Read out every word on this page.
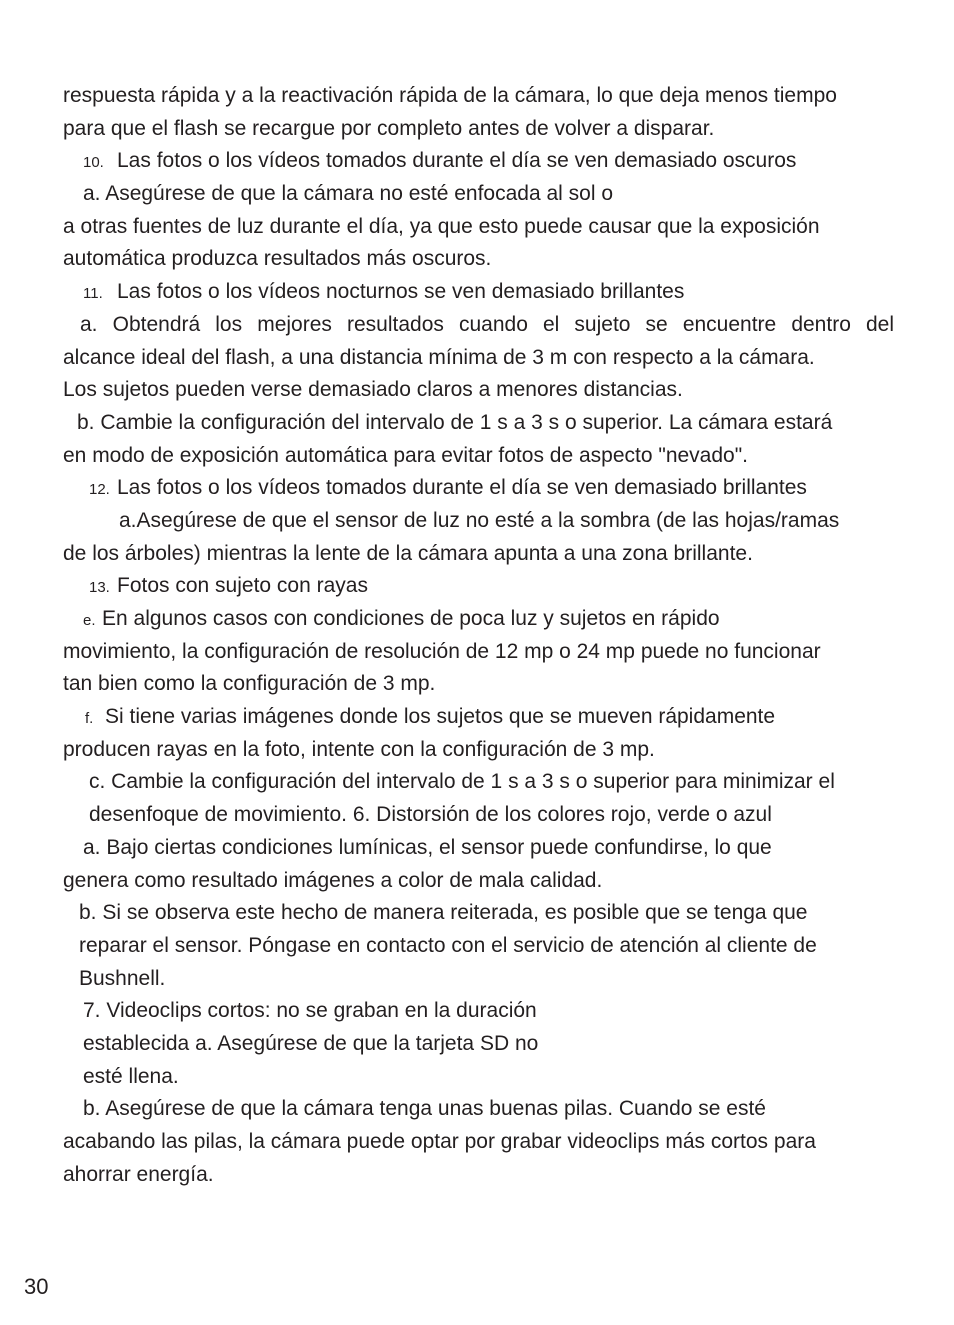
respuesta rápida y a la reactivación rápida de la cámara, lo que deja menos tiempo
para que el flash se recargue por completo antes de volver a disparar.
10. Las fotos o los vídeos tomados durante el día se ven demasiado oscuros
a. Asegúrese de que la cámara no esté enfocada al sol o
a otras fuentes de luz durante el día, ya que esto puede causar que la exposición
automática produzca resultados más oscuros.
11. Las fotos o los vídeos nocturnos se ven demasiado brillantes
a. Obtendrá los mejores resultados cuando el sujeto se encuentre dentro del
alcance ideal del flash, a una distancia mínima de 3 m con respecto a la cámara.
Los sujetos pueden verse demasiado claros a menores distancias.
b. Cambie la configuración del intervalo de 1 s a 3 s o superior. La cámara estará
en modo de exposición automática para evitar fotos de aspecto "nevado".
12. Las fotos o los vídeos tomados durante el día se ven demasiado brillantes
a.Asegúrese de que el sensor de luz no esté a la sombra (de las hojas/ramas
de los árboles) mientras la lente de la cámara apunta a una zona brillante.
13. Fotos con sujeto con rayas
e. En algunos casos con condiciones de poca luz y sujetos en rápido
movimiento, la configuración de resolución de 12 mp o 24 mp puede no funcionar
tan bien como la configuración de 3 mp.
f. Si tiene varias imágenes donde los sujetos que se mueven rápidamente
producen rayas en la foto, intente con la configuración de 3 mp.
c. Cambie la configuración del intervalo de 1 s a 3 s o superior para minimizar el
desenfoque de movimiento. 6. Distorsión de los colores rojo, verde o azul
a. Bajo ciertas condiciones lumínicas, el sensor puede confundirse, lo que
genera como resultado imágenes a color de mala calidad.
b. Si se observa este hecho de manera reiterada, es posible que se tenga que
reparar el sensor. Póngase en contacto con el servicio de atención al cliente de
Bushnell.
7. Videoclips cortos: no se graban en la duración
establecida a. Asegúrese de que la tarjeta SD no
esté llena.
b. Asegúrese de que la cámara tenga unas buenas pilas. Cuando se esté
acabando las pilas, la cámara puede optar por grabar videoclips más cortos para
ahorrar energía.
30
